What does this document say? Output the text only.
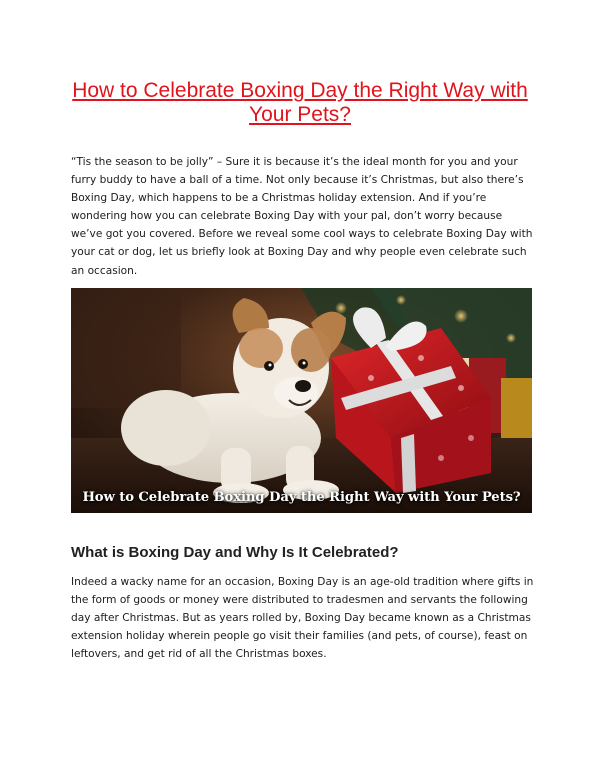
How to Celebrate Boxing Day the Right Way with Your Pets?

“Tis the season to be jolly” – Sure it is because it’s the ideal month for you and your furry buddy to have a ball of a time. Not only because it’s Christmas, but also there’s Boxing Day, which happens to be a Christmas holiday extension. And if you’re wondering how you can celebrate Boxing Day with your pal, don’t worry because we’ve got you covered. Before we reveal some cool ways to celebrate Boxing Day with your cat or dog, let us briefly look at Boxing Day and why people even celebrate such an occasion.

How to Celebrate Boxing Day the Right Way with Your Pets?
What is Boxing Day and Why Is It Celebrated?

Indeed a wacky name for an occasion, Boxing Day is an age-old tradition where gifts in the form of goods or money were distributed to tradesmen and servants the following day after Christmas. But as years rolled by, Boxing Day became known as a Christmas extension holiday wherein people go visit their families (and pets, of course), feast on leftovers, and get rid of all the Christmas boxes.
